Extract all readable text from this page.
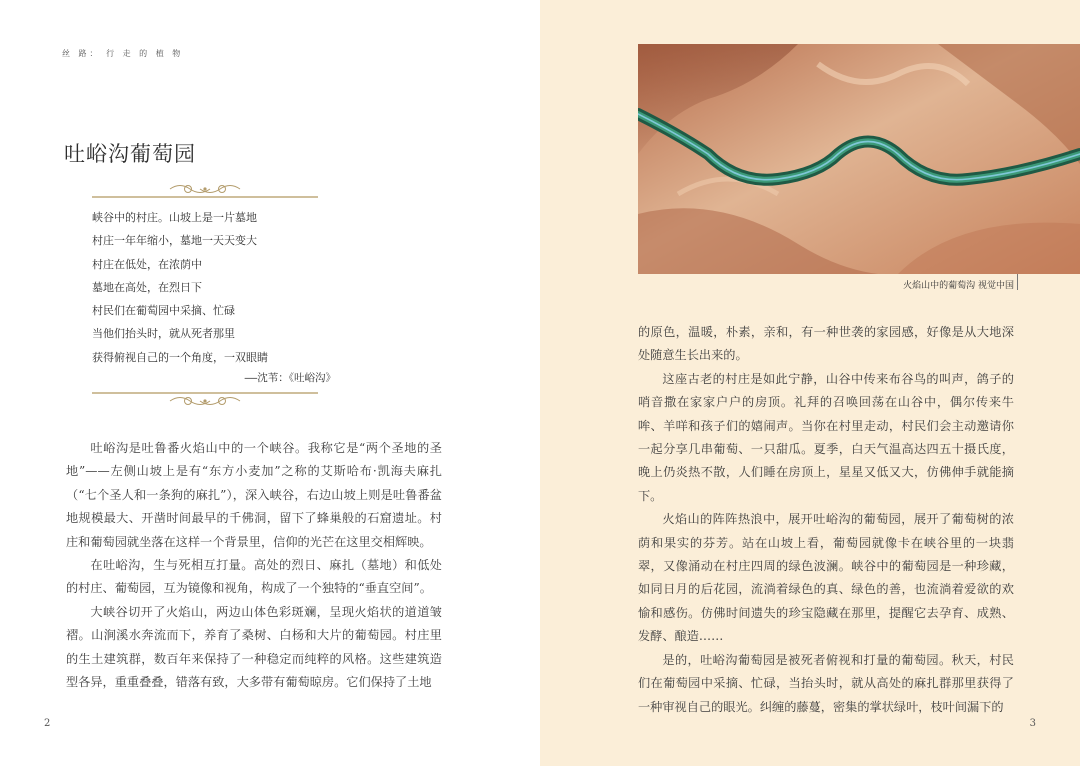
丝 路： 行 走 的 植 物
吐峪沟葡萄园
峡谷中的村庄。山坡上是一片墓地
村庄一年年缩小，墓地一天天变大
村庄在低处，在浓荫中
墓地在高处，在烈日下
村民们在葡萄园中采摘、忙碌
当他们抬头时，就从死者那里
获得俯视自己的一个角度，一双眼睛
——沈苇：《吐峪沟》

吐峪沟是吐鲁番火焰山中的一个峡谷。我称它是“两个圣地的圣地”——左侧山坡上是有“东方小麦加”之称的艾斯哈布·凯海夫麻扎（“七个圣人和一条狗的麻扎”），深入峡谷，右边山坡上则是吐鲁番盆地规模最大、开凿时间最早的千佛洞，留下了蜂巢般的石窟遗址。村庄和葡萄园就坐落在这样一个背景里，信仰的光芒在这里交相辉映。

在吐峪沟，生与死相互打量。高处的烈日、麻扎（墓地）和低处的村庄、葡萄园，互为镜像和视角，构成了一个独特的“垂直空间”。

大峡谷切开了火焰山，两边山体色彩斑斓，呈现火焰状的道道皱褶。山涧溪水奔流而下，养育了桑树、白杨和大片的葡萄园。村庄里的生土建筑群，数百年来保持了一种稳定而纯粹的风格。这些建筑造型各异，重重叠叠，错落有致，大多带有葡萄晾房。它们保持了土地

2
火焰山中的葡萄沟 视觉中国

的原色，温暖，朴素，亲和，有一种世袭的家园感，好像是从大地深处随意生长出来的。

这座古老的村庄是如此宁静，山谷中传来布谷鸟的叫声，鸽子的哨音撒在家家户户的房顶。礼拜的召唤回荡在山谷中，偶尔传来牛哞、羊咩和孩子们的嬉闹声。当你在村里走动，村民们会主动邀请你一起分享几串葡萄、一只甜瓜。夏季，白天气温高达四五十摄氏度，晚上仍炎热不散，人们睡在房顶上，星星又低又大，仿佛伸手就能摘下。

火焰山的阵阵热浪中，展开吐峪沟的葡萄园，展开了葡萄树的浓荫和果实的芬芳。站在山坡上看，葡萄园就像卡在峡谷里的一块翡翠，又像涌动在村庄四周的绿色波澜。峡谷中的葡萄园是一种珍藏，如同日月的后花园，流淌着绿色的真、绿色的善，也流淌着爱欲的欢愉和感伤。仿佛时间遗失的珍宝隐藏在那里，提醒它去孕育、成熟、发酵、酿造……

是的，吐峪沟葡萄园是被死者俯视和打量的葡萄园。秋天，村民们在葡萄园中采摘、忙碌，当抬头时，就从高处的麻扎群那里获得了一种审视自己的眼光。纠缠的藤蔓，密集的掌状绿叶，枝叶间漏下的

3
